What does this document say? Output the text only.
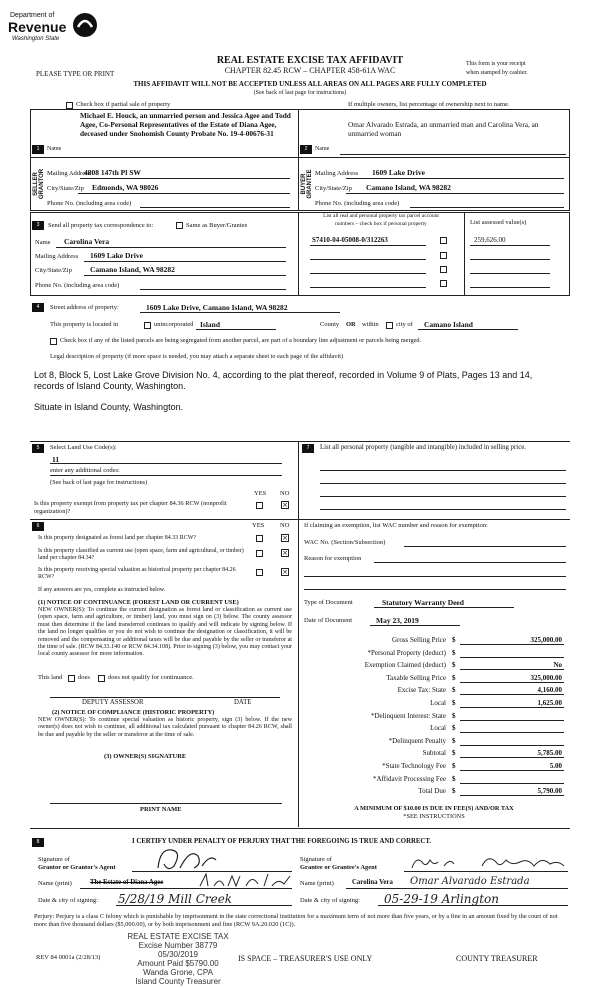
Department of
Revenue
Washington State
REAL ESTATE EXCISE TAX AFFIDAVIT
CHAPTER 82.45 RCW – CHAPTER 458-61A WAC
PLEASE TYPE OR PRINT
This form is your receipt
when stamped by cashier.
THIS AFFIDAVIT WILL NOT BE ACCEPTED UNLESS ALL AREAS ON ALL PAGES ARE FULLY COMPLETED
(See back of last page for instructions)
Check box if partial sale of property	If multiple owners, list percentage of ownership next to name.
1	Name
Michael E. Houck, an unmarried person and Jessica Agee and Todd Agee, Co-Personal Representatives of the Estate of Diana Agee, deceased under Snohomish County Probate No. 19-4-00676-31
SELLER GRANTOR Mailing Address
4808 147th Pl SW
City/State/Zip Edmonds, WA 98026
Phone No. (including area code)
2	Name
Omar Alvarado Estrada, an unmarried man and Carolina Vera, an unmarried woman
BUYER GRANTEE Mailing Address 1609 Lake Drive
City/State/Zip Camano Island, WA 98282
Phone No. (including area code)
3	Send all property tax correspondence to:	Same as Buyer/Grantee
Name Carolina Vera
Mailing Address 1609 Lake Drive
City/State/Zip Camano Island, WA 98282
Phone No. (including area code)
List all real and personal property tax parcel account
numbers – check box if personal property	List assessed value(s)
S7410-04-05008-0/312263	259,626.00
4	Street address of property:	1609 Lake Drive, Camano Island, WA 98282
This property is located in	unincorporated Island	County OR within	city of Camano Island
Check box if any of the listed parcels are being segregated from another parcel, are part of a boundary line adjustment or parcels being merged.
Legal description of property (if more space is needed, you may attach a separate sheet to each page of the affidavit)
Lot 8, Block 5, Lost Lake Grove Division No. 4, according to the plat thereof, recorded in Volume 9 of Plats, Pages 13 and 14, records of Island County, Washington.
Situate in Island County, Washington.
5	Select Land Use Code(s):
11
enter any additional codes:
(See back of last page for instructions)
YES NO
Is this property exempt from property tax per chapter 84.36 RCW (nonprofit organization)?
×
7	List all personal property (tangible and intangible) included in selling price.
6	YES NO
Is this property designated as forest land per chapter 84.33 RCW?	×
Is this property classified as current use (open space, farm and agricultural, or timber) land per chapter 84.34?
×
Is this property receiving special valuation as historical property per chapter 84.26 RCW?
×
If any answers are yes, complete as instructed below.
(1) NOTICE OF CONTINUANCE (FOREST LAND OR CURRENT USE)
NEW OWNER(S): To continue the current designation as forest land or classification as current use (open space, farm and agriculture, or timber) land, you must sign on (3) below. The county assessor must then determine if the land transferred continues to qualify and will indicate by signing below. If the land no longer qualifies or you do not wish to continue the designation or classification, it will be removed and the compensating or additional taxes will be due and payable by the seller or transferor at the time of sale. (RCW 84.33.140 or RCW 84.34.108). Prior to signing (3) below, you may contact your local county assessor for more information.
This land does	does not qualify for continuance.
DEPUTY ASSESSOR	DATE
(2) NOTICE OF COMPLIANCE (HISTORIC PROPERTY)
NEW OWNER(S): To continue special valuation as historic property, sign (3) below. If the new owner(s) does not wish to continue, all additional tax calculated pursuant to chapter 84.26 RCW, shall be due and payable by the seller or transferor at the time of sale.
(3) OWNER(S) SIGNATURE
PRINT NAME
If claiming an exemption, list WAC number and reason for exemption:
WAC No. (Section/Subsection)
Reason for exemption
Type of Document	Statutory Warranty Deed
Date of Document	May 23, 2019
Gross Selling Price $	325,000.00
*Personal Property (deduct) $
Exemption Claimed (deduct) $	No
Taxable Selling Price $	325,000.00
Excise Tax: State $	4,160.00
Local $	1,625.00
*Delinquent Interest: State $
Local $
*Delinquent Penalty $
Subtotal $	5,785.00
*State Technology Fee $	5.00
*Affidavit Processing Fee $
Total Due $	5,790.00
A MINIMUM OF $10.00 IS DUE IN FEE(S) AND/OR TAX
*SEE INSTRUCTIONS
8	I CERTIFY UNDER PENALTY OF PERJURY THAT THE FOREGOING IS TRUE AND CORRECT.
Signature of
Grantor or Grantor's Agent
Signature of
Grantee or Grantee's Agent
Name (print)	The Estate of Diana Agee	Name (print)	Carolina Vera Omar Alvarado Estrada
Date & city of signing: 5/28/19 Mill Creek	Date & city of signing: 05-29-19 Arlington
Perjury: Perjury is a class C felony which is punishable by imprisonment in the state correctional institution for a maximum term of not more than five years, or by a fine in an amount fixed by the court of not more than five thousand dollars ($5,000.00), or by both imprisonment and fine (RCW 9A.20.020 (1C)).
REV 84 0001a (2/28/13)
REAL ESTATE EXCISE TAX
Excise Number 38779
05/30/2019
Amount Paid $5790.00
Wanda Grone, CPA
Island County Treasurer
IS SPACE – TREASURER'S USE ONLY	COUNTY TREASURER
